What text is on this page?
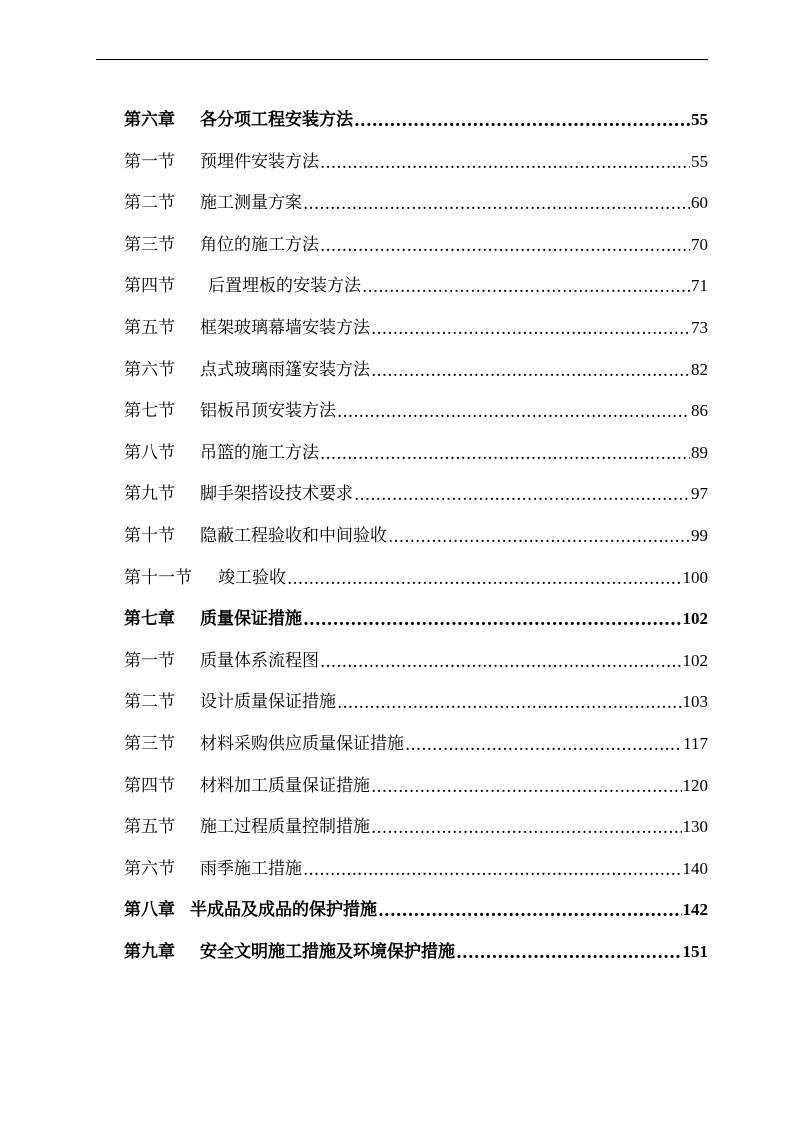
第六章	各分项工程安装方法 .....	55
第一节	预埋件安装方法 .....	55
第二节	施工测量方案 .....	60
第三节	角位的施工方法 .....	70
第四节	后置埋板的安装方法 .....	71
第五节	框架玻璃幕墙安装方法 .....	73
第六节	点式玻璃雨篷安装方法 .....	82
第七节	铝板吊顶安装方法 .....	86
第八节	吊篮的施工方法 .....	89
第九节	脚手架搭设技术要求 .....	97
第十节	隐蔽工程验收和中间验收 .....	99
第十一节	竣工验收 .....	100
第七章	质量保证措施 .....	102
第一节	质量体系流程图 .....	102
第二节	设计质量保证措施 .....	103
第三节	材料采购供应质量保证措施 .....	117
第四节	材料加工质量保证措施 .....	120
第五节	施工过程质量控制措施 .....	130
第六节	雨季施工措施 .....	140
第八章 半成品及成品的保护措施 .....	142
第九章	安全文明施工措施及环境保护措施 .....	151
